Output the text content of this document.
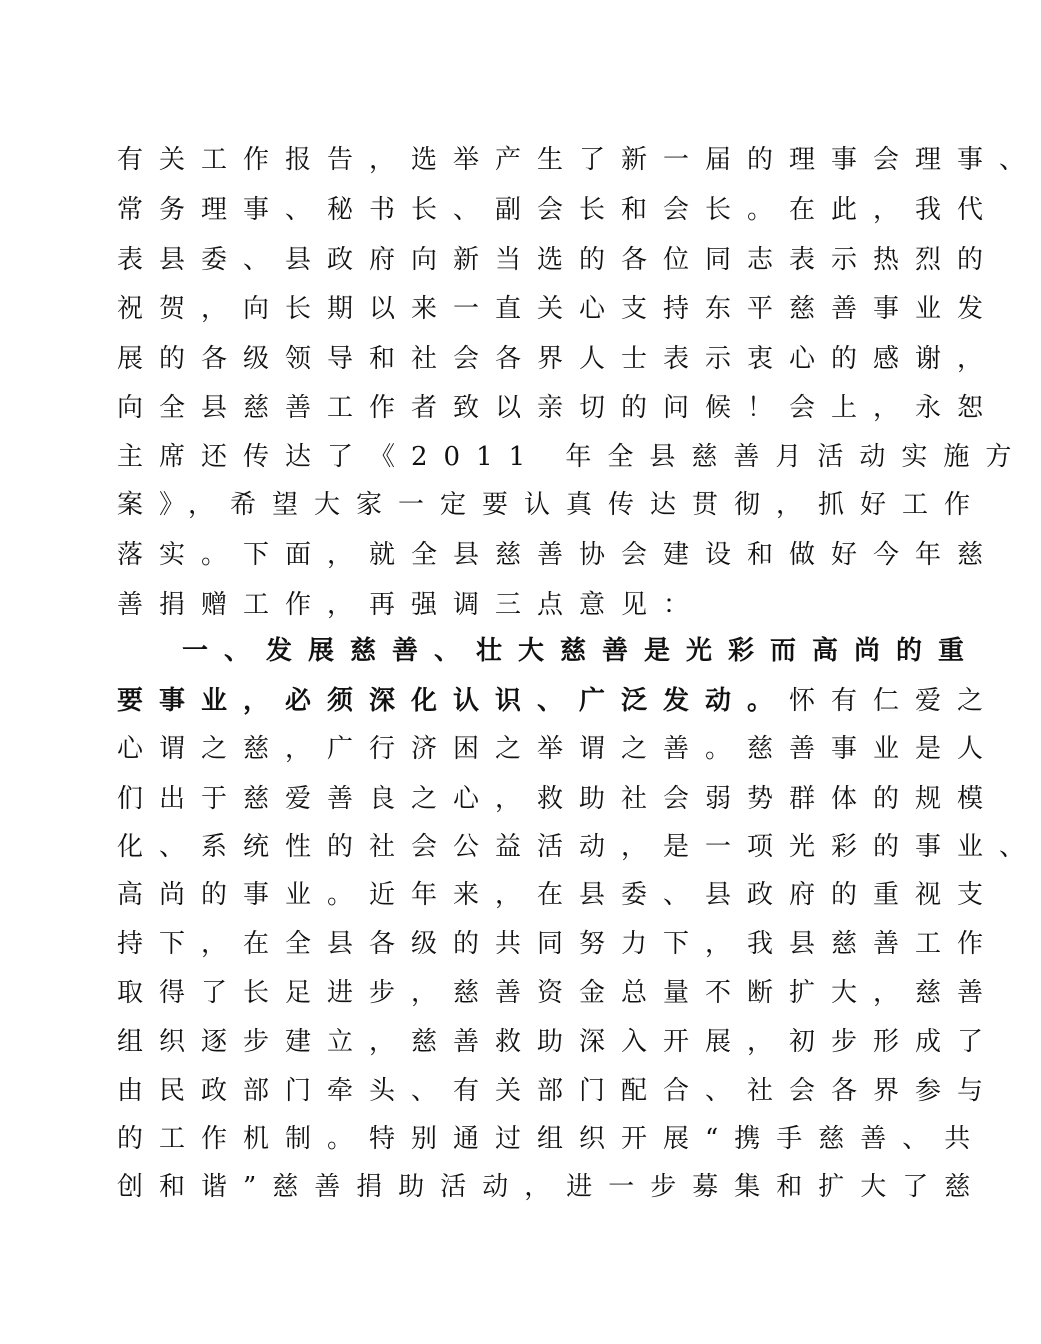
有关工作报告，选举产生了新一届的理事会理事、
常务理事、秘书长、副会长和会长。在此，我代
表县委、县政府向新当选的各位同志表示热烈的
祝贺，向长期以来一直关心支持东平慈善事业发
展的各级领导和社会各界人士表示衷心的感谢，
向全县慈善工作者致以亲切的问候！会上，永恕
主席还传达了《2011 年全县慈善月活动实施方
案》，希望大家一定要认真传达贯彻，抓好工作
落实。下面，就全县慈善协会建设和做好今年慈
善捐赠工作，再强调三点意见：
一、发展慈善、壮大慈善是光彩而高尚的重
要事业，必须深化认识、广泛发动。怀有仁爱之
心谓之慈，广行济困之举谓之善。慈善事业是人
们出于慈爱善良之心，救助社会弱势群体的规模
化、系统性的社会公益活动，是一项光彩的事业、
高尚的事业。近年来，在县委、县政府的重视支
持下，在全县各级的共同努力下，我县慈善工作
取得了长足进步，慈善资金总量不断扩大，慈善
组织逐步建立，慈善救助深入开展，初步形成了
由民政部门牵头、有关部门配合、社会各界参与
的工作机制。特别通过组织开展“携手慈善、共
创和谐”慈善捐助活动，进一步募集和扩大了慈
